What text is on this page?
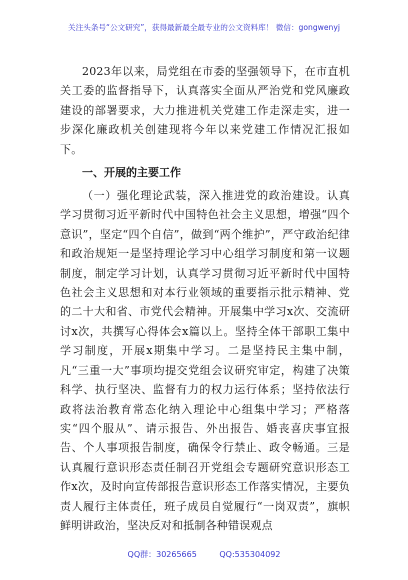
关注头条号“公文研究”，获得最新最全最专业的公文资料库！ 微信：gongwenyj

2023年以来，局党组在市委的坚强领导下，在市直机关工委的监督指导下，认真落实全面从严治党和党风廉政建设的部署要求，大力推进机关党建工作走深走实，进一步深化廉政机关创建现将今年以来党建工作情况汇报如下。

一、开展的主要工作

（一）强化理论武装，深入推进党的政治建设。认真学习贯彻习近平新时代中国特色社会主义思想，增强“四个意识”，坚定“四个自信”，做到“两个维护”，严守政治纪律和政治规矩一是坚持理论学习中心组学习制度和第一议题制度，制定学习计划，认真学习贯彻习近平新时代中国特色社会主义思想和对本行业领域的重要指示批示精神、党的二十大和省、市党代会精神。开展集中学习x次、交流研讨x次，共撰写心得体会x篇以上。坚持全体干部职工集中学习制度，开展x期集中学习。二是坚持民主集中制，凡“三重一大”事项均提交党组会议研究审定，构建了决策科学、执行坚决、监督有力的权力运行体系；坚持依法行政将法治教育常态化纳入理论中心组集中学习；严格落实“四个服从”、请示报告、外出报告、婚丧喜庆事宜报告、个人事项报告制度，确保令行禁止、政令畅通。三是认真履行意识形态责任制召开党组会专题研究意识形态工作x次，及时向宣传部报告意识形态工作落实情况，主要负责人履行主体责任，班子成员自觉履行“一岗双责”，旗帜鲜明讲政治，坚决反对和抵制各种错误观点

QQ群：30265665	QQ:535304092
